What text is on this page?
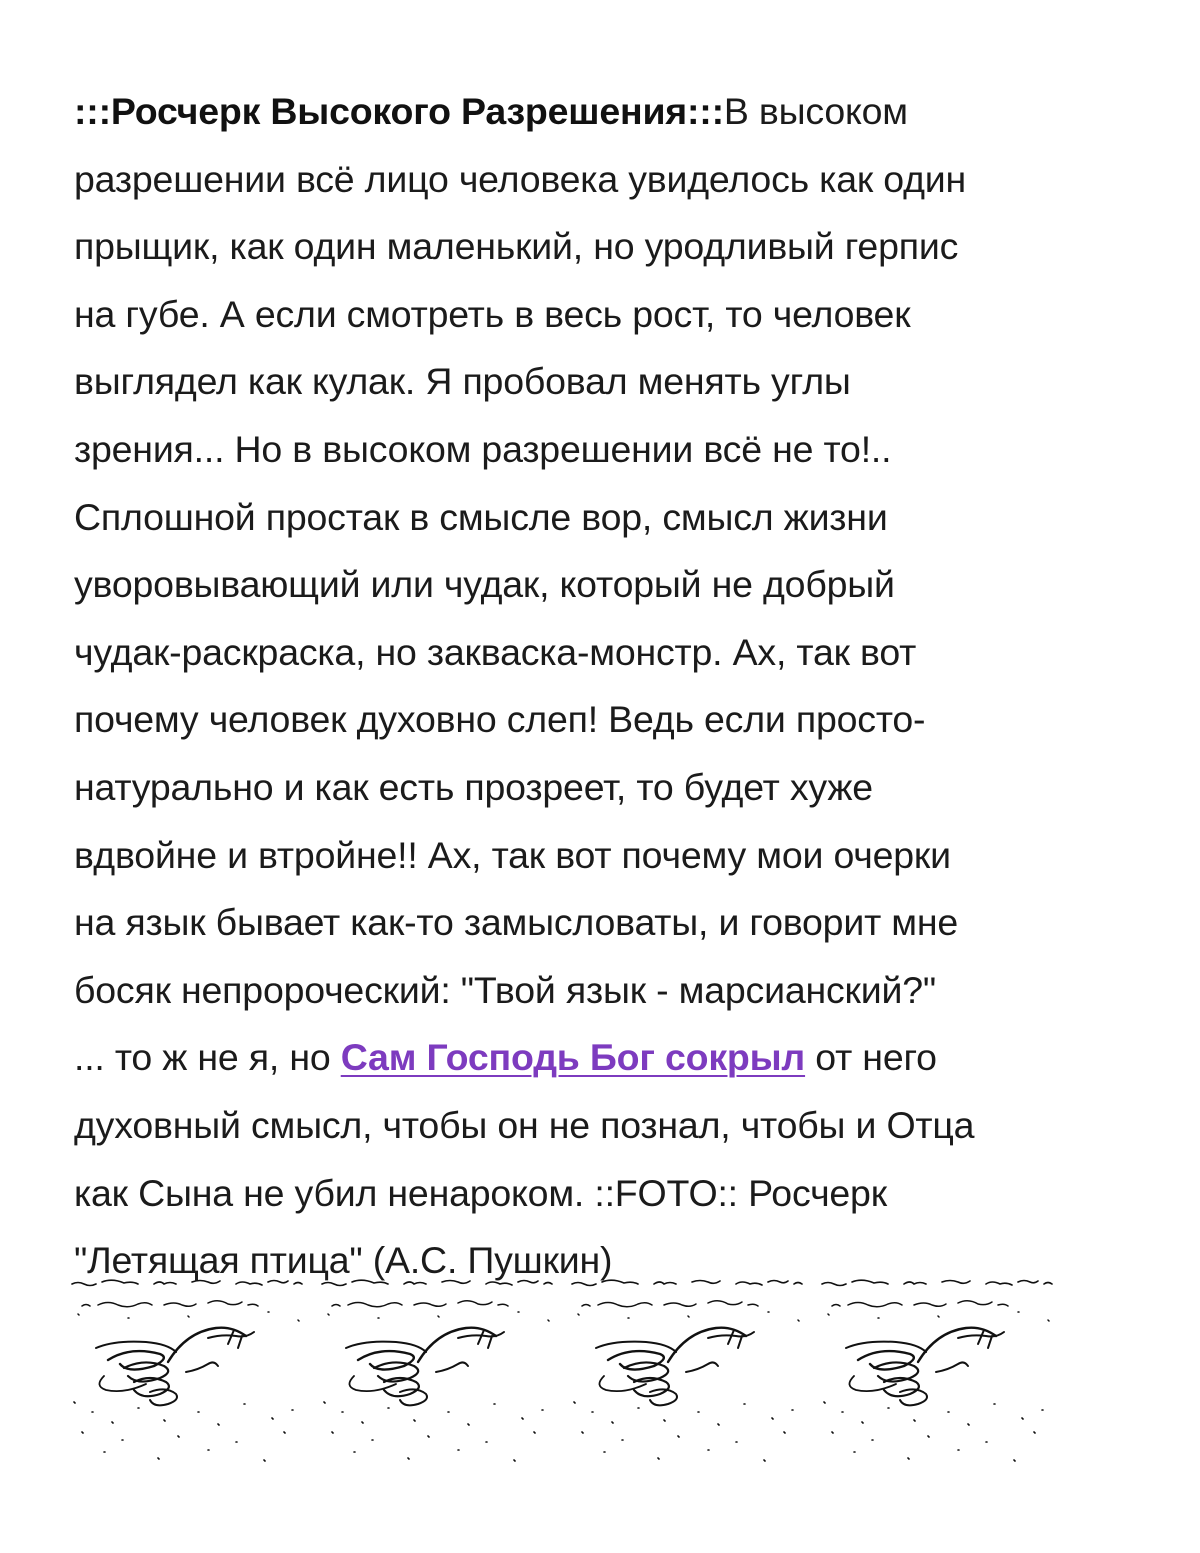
:::Росчерк Высокого Разрешения:::В высоком
разрешении всё лицо человека увиделось как один
прыщик, как один маленький, но уродливый герпис
на губе. А если смотреть в весь рост, то человек
выглядел как кулак. Я пробовал менять углы
зрения... Но в высоком разрешении всё не то!..
Сплошной простак в смысле вор, смысл жизни
уворовывающий или чудак, который не добрый
чудак-раскраска, но закваска-монстр. Ах, так вот
почему человек духовно слеп! Ведь если просто-
натурально и как есть прозреет, то будет хуже
вдвойне и втройне!! Ах, так вот почему мои очерки
на язык бывает как-то замысловаты, и говорит мне
босяк непророческий: "Твой язык - марсианский?"
... то ж не я, но Сам Господь Бог сокрыл от него
духовный смысл, чтобы он не познал, чтобы и Отца
как Сына не убил ненароком. ::FOTO:: Росчерк
"Летящая птица" (А.С. Пушкин)
